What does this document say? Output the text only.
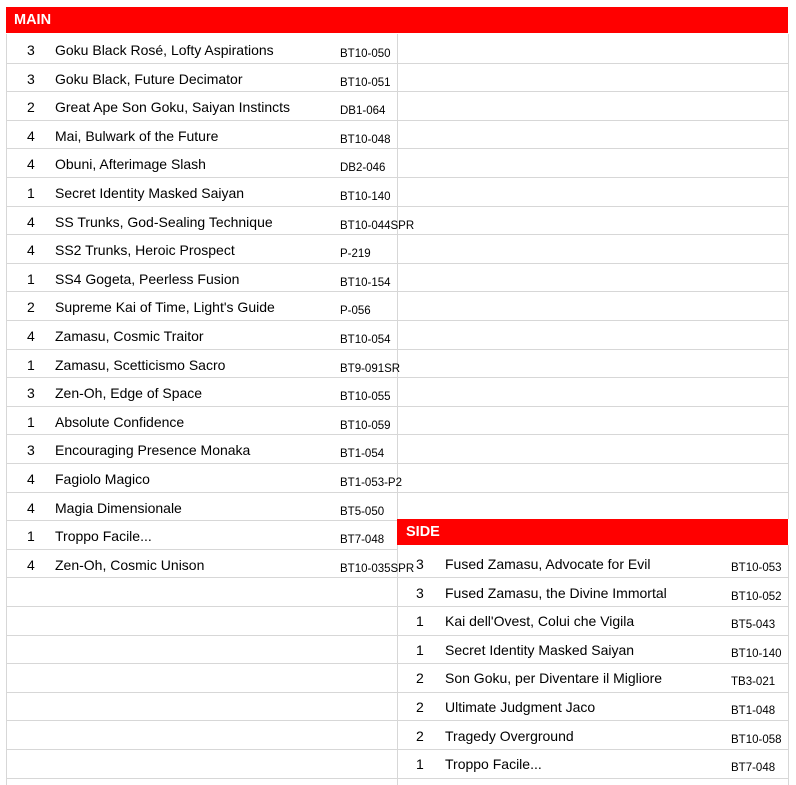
MAIN
3 Goku Black Rosé, Lofty Aspirations	BT10-050
3 Goku Black, Future Decimator	BT10-051
2 Great Ape Son Goku, Saiyan Instincts	DB1-064
4 Mai, Bulwark of the Future	BT10-048
4 Obuni, Afterimage Slash	DB2-046
1 Secret Identity Masked Saiyan	BT10-140
4 SS Trunks, God-Sealing Technique	BT10-044SPR
4 SS2 Trunks, Heroic Prospect	P-219
1 SS4 Gogeta, Peerless Fusion	BT10-154
2 Supreme Kai of Time, Light's Guide	P-056
4 Zamasu, Cosmic Traitor	BT10-054
1 Zamasu, Scetticismo Sacro	BT9-091SR
3 Zen-Oh, Edge of Space	BT10-055
1 Absolute Confidence	BT10-059
3 Encouraging Presence Monaka	BT1-054
4 Fagiolo Magico	BT1-053-P2
4 Magia Dimensionale	BT5-050
1 Troppo Facile...	BT7-048
4 Zen-Oh, Cosmic Unison	BT10-035SPR
SIDE
3 Fused Zamasu, Advocate for Evil	BT10-053
3 Fused Zamasu, the Divine Immortal	BT10-052
1 Kai dell'Ovest, Colui che Vigila	BT5-043
1 Secret Identity Masked Saiyan	BT10-140
2 Son Goku, per Diventare il Migliore	TB3-021
2 Ultimate Judgment Jaco	BT1-048
2 Tragedy Overground	BT10-058
1 Troppo Facile...	BT7-048
